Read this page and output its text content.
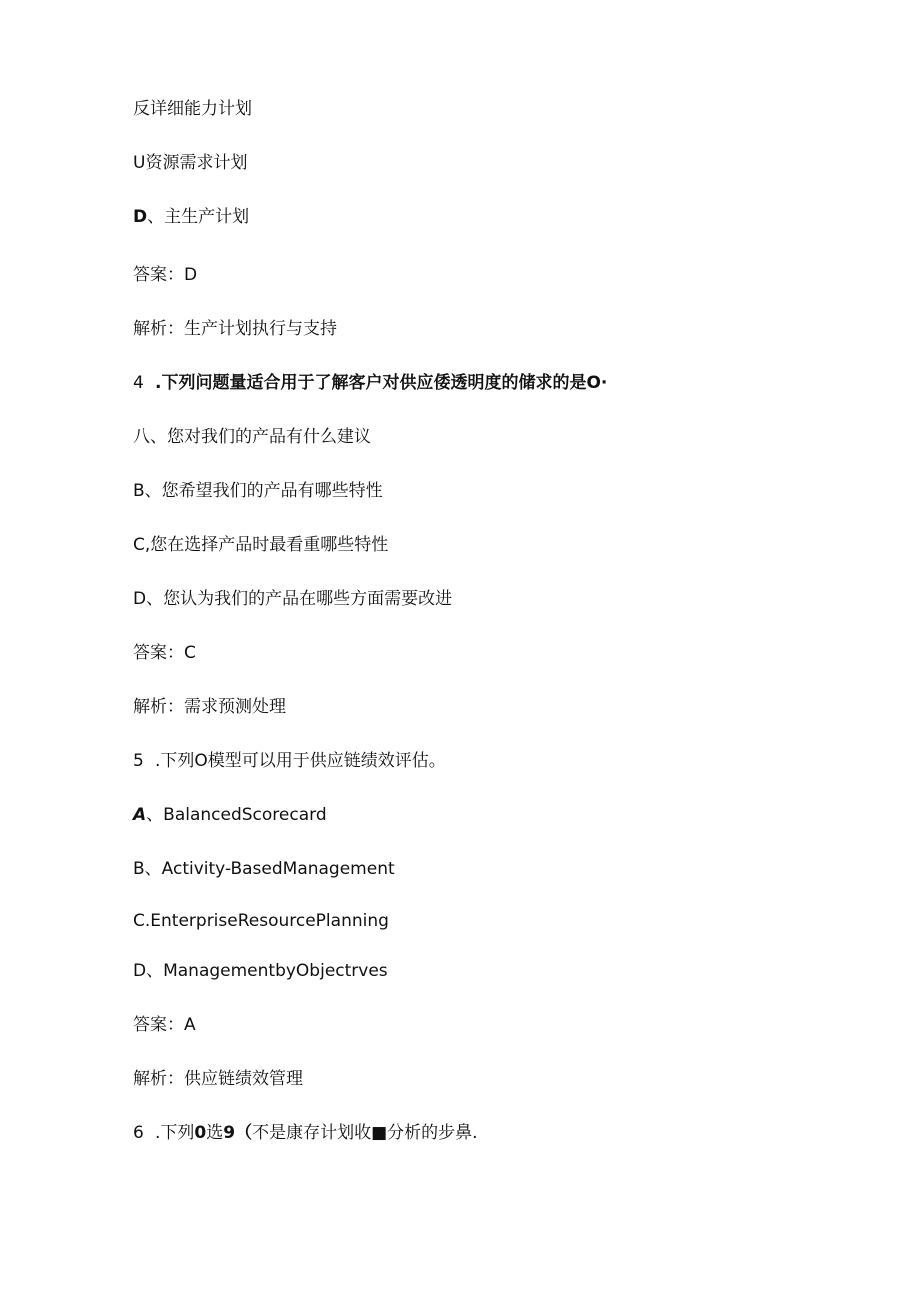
反详细能力计划
U资源需求计划
D、主生产计划
答案：D
解析：生产计划执行与支持
4 .下列问题量适合用于了解客户对供应倭透明度的储求的是O·
八、您对我们的产品有什么建议
B、您希望我们的产品有哪些特性
C,您在选择产品时最看重哪些特性
D、您认为我们的产品在哪些方面需要改进
答案：C
解析：需求预测处理
5 .下列O模型可以用于供应链绩效评估。
A、BalancedScorecard
B、Activity-BasedManagement
C.EnterpriseResourcePlanning
D、ManagementbyObjectrves
答案：A
解析：供应链绩效管理
6 .下列0选9（不是康存计划收■分析的步鼻.
